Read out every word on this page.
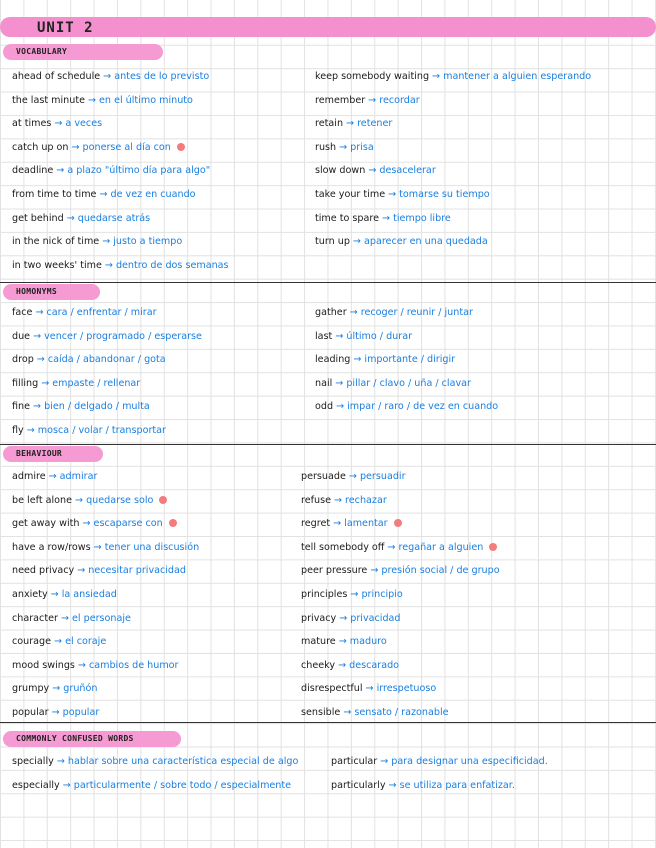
UNIT 2
VOCABULARY
ahead of schedule → antes de lo previsto
the last minute → en el último minuto
at times → a veces
catch up on → ponerse al día con
deadline → a plazo "último día para algo"
from time to time → de vez en cuando
get behind → quedarse atrás
in the nick of time → justo a tiempo
in two weeks' time → dentro de dos semanas
keep somebody waiting → mantener a alguien esperando
remember → recordar
retain → retener
rush → prisa
slow down → desacelerar
take your time → tomarse su tiempo
time to spare → tiempo libre
turn up → aparecer en una quedada
HOMONYMS
face → cara / enfrentar / mirar
due → vencer / programado / esperarse
drop → caída / abandonar / gota
filling → empaste / rellenar
fine → bien / delgado / multa
fly → mosca / volar / transportar
gather → recoger / reunir / juntar
last → último / durar
leading → importante / dirigir
nail → pillar / clavo / uña / clavar
odd → impar / raro / de vez en cuando
BEHAVIOUR
admire → admirar
be left alone → quedarse solo
get away with → escaparse con
have a row/rows → tener una discusión
need privacy → necesitar privacidad
anxiety → la ansiedad
character → el personaje
courage → el coraje
mood swings → cambios de humor
grumpy → gruñón
popular → popular
persuade → persuadir
refuse → rechazar
regret → lamentar
tell somebody off → regañar a alguien
peer pressure → presión social / de grupo
principles → principio
privacy → privacidad
mature → maduro
cheeky → descarado
disrespectful → irrespetuoso
sensible → sensato / razonable
COMMONLY CONFUSED WORDS
specially → hablar sobre una característica especial de algo
especially → particularmente / sobre todo / especialmente
particular → para designar una especificidad.
particularly → se utiliza para enfatizar.
